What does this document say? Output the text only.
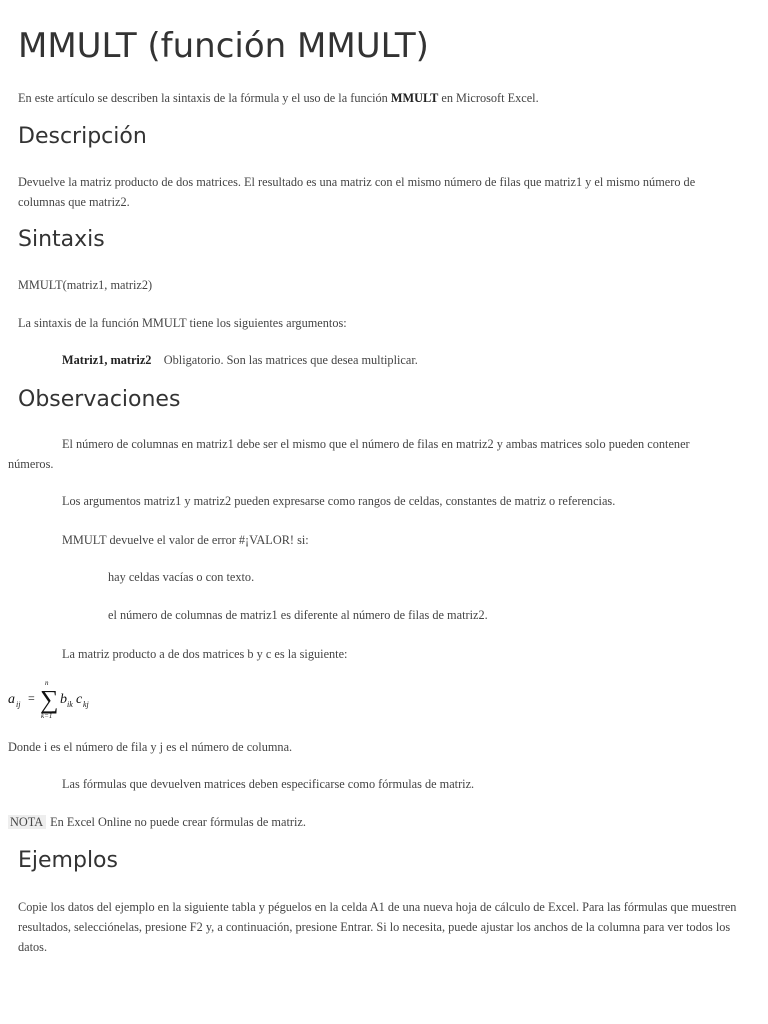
MMULT (función MMULT)

En este artículo se describen la sintaxis de la fórmula y el uso de la función MMULT en Microsoft Excel.

Descripción

Devuelve la matriz producto de dos matrices. El resultado es una matriz con el mismo número de filas que matriz1 y el mismo número de columnas que matriz2.

Sintaxis

MMULT(matriz1, matriz2)

La sintaxis de la función MMULT tiene los siguientes argumentos:

Matriz1, matriz2 Obligatorio. Son las matrices que desea multiplicar.

Observaciones

El número de columnas en matriz1 debe ser el mismo que el número de filas en matriz2 y ambas matrices solo pueden contener

números.

Los argumentos matriz1 y matriz2 pueden expresarse como rangos de celdas, constantes de matriz o referencias.

MMULT devuelve el valor de error #¡VALOR! si:

hay celdas vacías o con texto.

el número de columnas de matriz1 es diferente al número de filas de matriz2.

La matriz producto a de dos matrices b y c es la siguiente:

a ij =
n
∑
k=1
b ik c kj

Donde i es el número de fila y j es el número de columna.

Las fórmulas que devuelven matrices deben especificarse como fórmulas de matriz.

NOTA En Excel Online no puede crear fórmulas de matriz.

Ejemplos

Copie los datos del ejemplo en la siguiente tabla y péguelos en la celda A1 de una nueva hoja de cálculo de Excel. Para las fórmulas que muestren resultados, selecciónelas, presione F2 y, a continuación, presione Entrar. Si lo necesita, puede ajustar los anchos de la columna para ver todos los datos.
